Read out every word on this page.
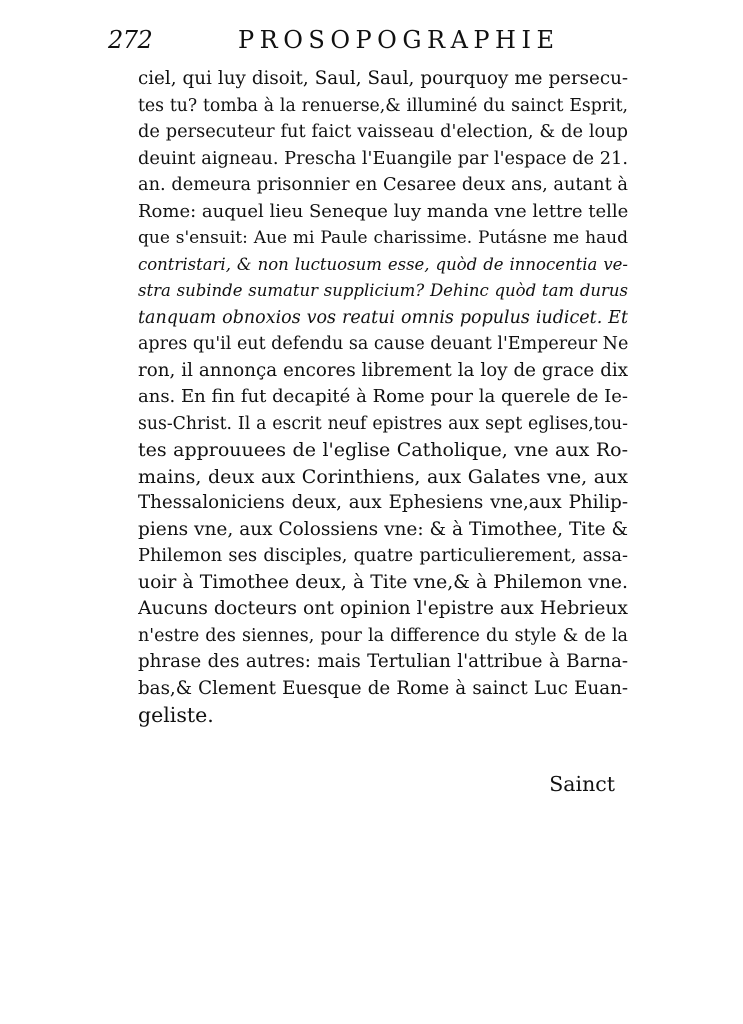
272	PROSOPOGRAPHIE
ciel, qui luy disoit, Saul, Saul, pourquoy me persecu-
tes tu? tomba à la renuerse,& illuminé du sainct Esprit,
de persecuteur fut faict vaisseau d'election, & de loup
deuint aigneau. Prescha l'Euangile par l'espace de 21.
an. demeura prisonnier en Cesaree deux ans, autant à
Rome: auquel lieu Seneque luy manda vne lettre telle
que s'ensuit: Aue mi Paule charissime. Putásne me haud
contristari, & non luctuosum esse, quòd de innocentia ve-
stra subinde sumatur supplicium? Dehinc quòd tam durus
tanquam obnoxios vos reatui omnis populus iudicet. Et
apres qu'il eut defendu sa cause deuant l'Empereur Ne
ron, il annonça encores librement la loy de grace dix
ans. En fin fut decapité à Rome pour la querele de Ie-
sus-Christ. Il a escrit neuf epistres aux sept eglises,tou-
tes approuuees de l'eglise Catholique, vne aux Ro-
mains, deux aux Corinthiens, aux Galates vne, aux
Thessaloniciens deux, aux Ephesiens vne,aux Philip-
piens vne, aux Colossiens vne: & à Timothee, Tite &
Philemon ses disciples, quatre particulierement, assa-
uoir à Timothee deux, à Tite vne,& à Philemon vne.
Aucuns docteurs ont opinion l'epistre aux Hebrieux
n'estre des siennes, pour la difference du style & de la
phrase des autres: mais Tertulian l'attribue à Barna-
bas,& Clement Euesque de Rome à sainct Luc Euan-
geliste.
Sainct
